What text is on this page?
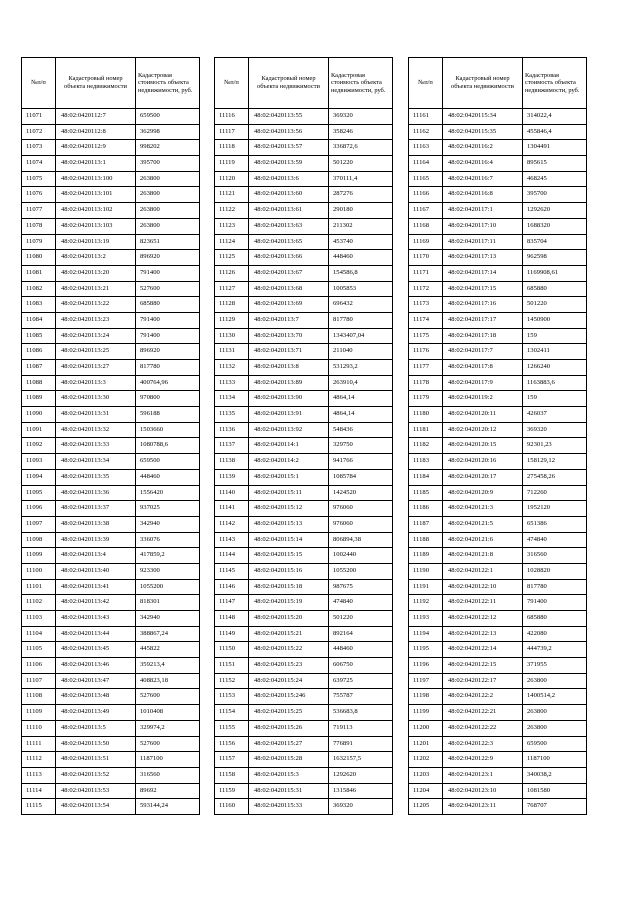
№п/п	Кадастровый номер объекта недвижимости	Кадастровая стоимость объекта недвижимости, руб.
11071	48:02:0420112:7	659500
11072	48:02:0420112:8	362998
11073	48:02:0420112:9	998202
11074	48:02:0420113:1	395700
11075	48:02:0420113:100	263800
11076	48:02:0420113:101	263800
11077	48:02:0420113:102	263800
11078	48:02:0420113:103	263800
11079	48:02:0420113:19	823651
11080	48:02:0420113:2	896920
11081	48:02:0420113:20	791400
11082	48:02:0420113:21	527600
11083	48:02:0420113:22	685880
11084	48:02:0420113:23	791400
11085	48:02:0420113:24	791400
11086	48:02:0420113:25	896920
11087	48:02:0420113:27	817780
11088	48:02:0420113:3	400764,96
11089	48:02:0420113:30	970800
11090	48:02:0420113:31	596188
11091	48:02:0420113:32	1503660
11092	48:02:0420113:33	1080788,6
11093	48:02:0420113:34	659500
11094	48:02:0420113:35	448460
11095	48:02:0420113:36	1556420
11096	48:02:0420113:37	937025
11097	48:02:0420113:38	342940
11098	48:02:0420113:39	336076
11099	48:02:0420113:4	417859,2
11100	48:02:0420113:40	923300
11101	48:02:0420113:41	1055200
11102	48:02:0420113:42	818301
11103	48:02:0420113:43	342940
11104	48:02:0420113:44	388867,24
11105	48:02:0420113:45	445822
11106	48:02:0420113:46	359213,4
11107	48:02:0420113:47	408823,18
11108	48:02:0420113:48	527600
11109	48:02:0420113:49	1010408
11110	48:02:0420113:5	329974,2
11111	48:02:0420113:50	527600
11112	48:02:0420113:51	1187100
11113	48:02:0420113:52	316560
11114	48:02:0420113:53	89692
11115	48:02:0420113:54	593144,24
№п/п	Кадастровый номер объекта недвижимости	Кадастровая стоимость объекта недвижимости, руб.
11116	48:02:0420113:55	369320
11117	48:02:0420113:56	358246
11118	48:02:0420113:57	336872,6
11119	48:02:0420113:59	501220
11120	48:02:0420113:6	370111,4
11121	48:02:0420113:60	287276
11122	48:02:0420113:61	290180
11123	48:02:0420113:63	211302
11124	48:02:0420113:65	453740
11125	48:02:0420113:66	448460
11126	48:02:0420113:67	154586,8
11127	48:02:0420113:68	1005853
11128	48:02:0420113:69	696432
11129	48:02:0420113:7	817780
11130	48:02:0420113:70	1343407,04
11131	48:02:0420113:71	211040
11132	48:02:0420113:8	531293,2
11133	48:02:0420113:89	263910,4
11134	48:02:0420113:90	4864,14
11135	48:02:0420113:91	4864,14
11136	48:02:0420113:92	548436
11137	48:02:0420114:1	329750
11138	48:02:0420114:2	941766
11139	48:02:0420115:1	1085784
11140	48:02:0420115:11	1424520
11141	48:02:0420115:12	976060
11142	48:02:0420115:13	976060
11143	48:02:0420115:14	806894,38
11144	48:02:0420115:15	1002440
11145	48:02:0420115:16	1055200
11146	48:02:0420115:18	987675
11147	48:02:0420115:19	474840
11148	48:02:0420115:20	501220
11149	48:02:0420115:21	892164
11150	48:02:0420115:22	448460
11151	48:02:0420115:23	606750
11152	48:02:0420115:24	639725
11153	48:02:0420115:246	755787
11154	48:02:0420115:25	536683,8
11155	48:02:0420115:26	719113
11156	48:02:0420115:27	776891
11157	48:02:0420115:28	1632157,5
11158	48:02:0420115:3	1292620
11159	48:02:0420115:31	1315846
11160	48:02:0420115:33	369320
№п/п	Кадастровый номер объекта недвижимости	Кадастровая стоимость объекта недвижимости, руб.
11161	48:02:0420115:34	314022,4
11162	48:02:0420115:35	455846,4
11163	48:02:0420116:2	1304491
11164	48:02:0420116:4	895615
11165	48:02:0420116:7	468245
11166	48:02:0420116:8	395700
11167	48:02:0420117:1	1292620
11168	48:02:0420117:10	1688320
11169	48:02:0420117:11	835704
11170	48:02:0420117:13	962598
11171	48:02:0420117:14	1169908,61
11172	48:02:0420117:15	685880
11173	48:02:0420117:16	501220
11174	48:02:0420117:17	1450900
11175	48:02:0420117:18	159
11176	48:02:0420117:7	1302411
11177	48:02:0420117:8	1266240
11178	48:02:0420117:9	1163883,6
11179	48:02:0420119:2	159
11180	48:02:0420120:11	426037
11181	48:02:0420120:12	369320
11182	48:02:0420120:15	92301,23
11183	48:02:0420120:16	158129,12
11184	48:02:0420120:17	275458,26
11185	48:02:0420120:9	712260
11186	48:02:0420121:3	1952120
11187	48:02:0420121:5	651386
11188	48:02:0420121:6	474840
11189	48:02:0420121:8	316560
11190	48:02:0420122:1	1028820
11191	48:02:0420122:10	817780
11192	48:02:0420122:11	791400
11193	48:02:0420122:12	685880
11194	48:02:0420122:13	422080
11195	48:02:0420122:14	444739,2
11196	48:02:0420122:15	371955
11197	48:02:0420122:17	263800
11198	48:02:0420122:2	1400514,2
11199	48:02:0420122:21	263800
11200	48:02:0420122:22	263800
11201	48:02:0420122:3	659500
11202	48:02:0420122:9	1187100
11203	48:02:0420123:1	340038,2
11204	48:02:0420123:10	1081580
11205	48:02:0420123:11	768707
